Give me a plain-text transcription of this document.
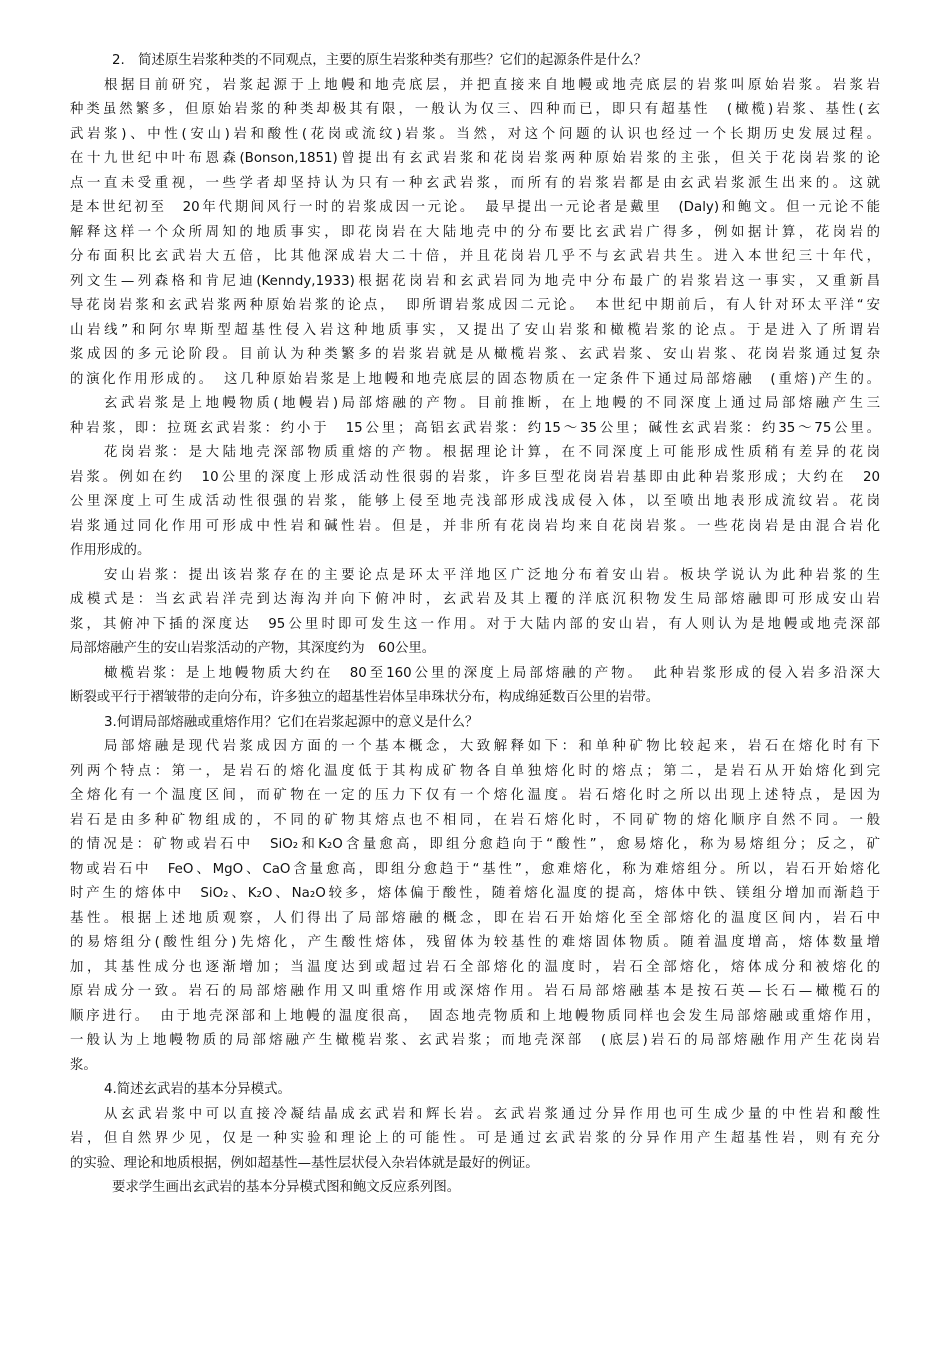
2.　简述原生岩浆种类的不同观点，主要的原生岩浆种类有那些？它们的起源条件是什么？
根据目前研究，岩浆起源于上地幔和地壳底层，并把直接来自地幔或地壳底层的岩浆叫原始岩浆。岩浆岩
种类虽然繁多，但原始岩浆的种类却极其有限，一般认为仅三、四种而已，即只有超基性　(橄榄)岩浆、基性(玄
武岩浆)、中性(安山)岩和酸性(花岗或流纹)岩浆。当然，对这个问题的认识也经过一个长期历史发展过程。
在十九世纪中叶布恩森(Bonson,1851)曾提出有玄武岩浆和花岗岩浆两种原始岩浆的主张，但关于花岗岩浆的论
点一直未受重视，一些学者却坚持认为只有一种玄武岩浆，而所有的岩浆岩都是由玄武岩浆派生出来的。这就
是本世纪初至　20年代期间风行一时的岩浆成因一元论。　最早提出一元论者是戴里　(Daly)和鲍文。但一元论不能
解释这样一个众所周知的地质事实，即花岗岩在大陆地壳中的分布要比玄武岩广得多，例如据计算，花岗岩的
分布面积比玄武岩大五倍，比其他深成岩大二十倍，并且花岗岩几乎不与玄武岩共生。进入本世纪三十年代，
列文生—列森格和肯尼迪(Kenndy,1933)根据花岗岩和玄武岩同为地壳中分布最广的岩浆岩这一事实，又重新昌
导花岗岩浆和玄武岩浆两种原始岩浆的论点，　即所谓岩浆成因二元论。　本世纪中期前后，有人针对环太平洋“安
山岩线”和阿尔卑斯型超基性侵入岩这种地质事实，又提出了安山岩浆和橄榄岩浆的论点。于是进入了所谓岩
浆成因的多元论阶段。目前认为种类繁多的岩浆岩就是从橄榄岩浆、玄武岩浆、安山岩浆、花岗岩浆通过复杂
的演化作用形成的。　这几种原始岩浆是上地幔和地壳底层的固态物质在一定条件下通过局部熔融　(重熔)产生的。
玄武岩浆是上地幔物质(地幔岩)局部熔融的产物。目前推断，在上地幔的不同深度上通过局部熔融产生三
种岩浆，即：拉斑玄武岩浆：约小于　15公里；高铝玄武岩浆：约15～35公里；碱性玄武岩浆：约35～75公里。
花岗岩浆：是大陆地壳深部物质重熔的产物。根据理论计算，在不同深度上可能形成性质稍有差异的花岗
岩浆。例如在约　10公里的深度上形成活动性很弱的岩浆，许多巨型花岗岩岩基即由此种岩浆形成；大约在　20
公里深度上可生成活动性很强的岩浆，能够上侵至地壳浅部形成浅成侵入体，以至喷出地表形成流纹岩。花岗
岩浆通过同化作用可形成中性岩和碱性岩。但是，并非所有花岗岩均来自花岗岩浆。一些花岗岩是由混合岩化
作用形成的。
安山岩浆：提出该岩浆存在的主要论点是环太平洋地区广泛地分布着安山岩。板块学说认为此种岩浆的生
成模式是：当玄武岩洋壳到达海沟并向下俯冲时，玄武岩及其上覆的洋底沉积物发生局部熔融即可形成安山岩
浆，其俯冲下插的深度达　95公里时即可发生这一作用。对于大陆内部的安山岩，有人则认为是地幔或地壳深部
局部熔融产生的安山岩浆活动的产物，其深度约为　60公里。
橄榄岩浆：是上地幔物质大约在　80至160公里的深度上局部熔融的产物。　此种岩浆形成的侵入岩多沿深大
断裂或平行于褶皱带的走向分布，许多独立的超基性岩体呈串珠状分布，构成绵延数百公里的岩带。
3.何谓局部熔融或重熔作用？它们在岩浆起源中的意义是什么？
局部熔融是现代岩浆成因方面的一个基本概念，大致解释如下：和单种矿物比较起来，岩石在熔化时有下
列两个特点：第一，是岩石的熔化温度低于其构成矿物各自单独熔化时的熔点；第二，是岩石从开始熔化到完
全熔化有一个温度区间，而矿物在一定的压力下仅有一个熔化温度。岩石熔化时之所以出现上述特点，是因为
岩石是由多种矿物组成的，不同的矿物其熔点也不相同，在岩石熔化时，不同矿物的熔化顺序自然不同。一般
的情况是：矿物或岩石中　SiO₂和K₂O含量愈高，即组分愈趋向于“酸性”，愈易熔化，称为易熔组分；反之，矿
物或岩石中　FeO、MgO、CaO含量愈高，即组分愈趋于“基性”，愈难熔化，称为难熔组分。所以，岩石开始熔化
时产生的熔体中　SiO₂、K₂O、Na₂O较多，熔体偏于酸性，随着熔化温度的提高，熔体中铁、镁组分增加而渐趋于
基性。根据上述地质观察，人们得出了局部熔融的概念，即在岩石开始熔化至全部熔化的温度区间内，岩石中
的易熔组分(酸性组分)先熔化，产生酸性熔体，残留体为较基性的难熔固体物质。随着温度增高，熔体数量增
加，其基性成分也逐渐增加；当温度达到或超过岩石全部熔化的温度时，岩石全部熔化，熔体成分和被熔化的
原岩成分一致。岩石的局部熔融作用又叫重熔作用或深熔作用。岩石局部熔融基本是按石英—长石—橄榄石的
顺序进行。　由于地壳深部和上地幔的温度很高，　固态地壳物质和上地幔物质同样也会发生局部熔融或重熔作用，
一般认为上地幔物质的局部熔融产生橄榄岩浆、玄武岩浆；而地壳深部　(底层)岩石的局部熔融作用产生花岗岩
浆。
4.简述玄武岩的基本分异模式。
从玄武岩浆中可以直接冷凝结晶成玄武岩和辉长岩。玄武岩浆通过分异作用也可生成少量的中性岩和酸性
岩，但自然界少见，仅是一种实验和理论上的可能性。可是通过玄武岩浆的分异作用产生超基性岩，则有充分
的实验、理论和地质根据，例如超基性—基性层状侵入杂岩体就是最好的例证。
要求学生画出玄武岩的基本分异模式图和鲍文反应系列图。
